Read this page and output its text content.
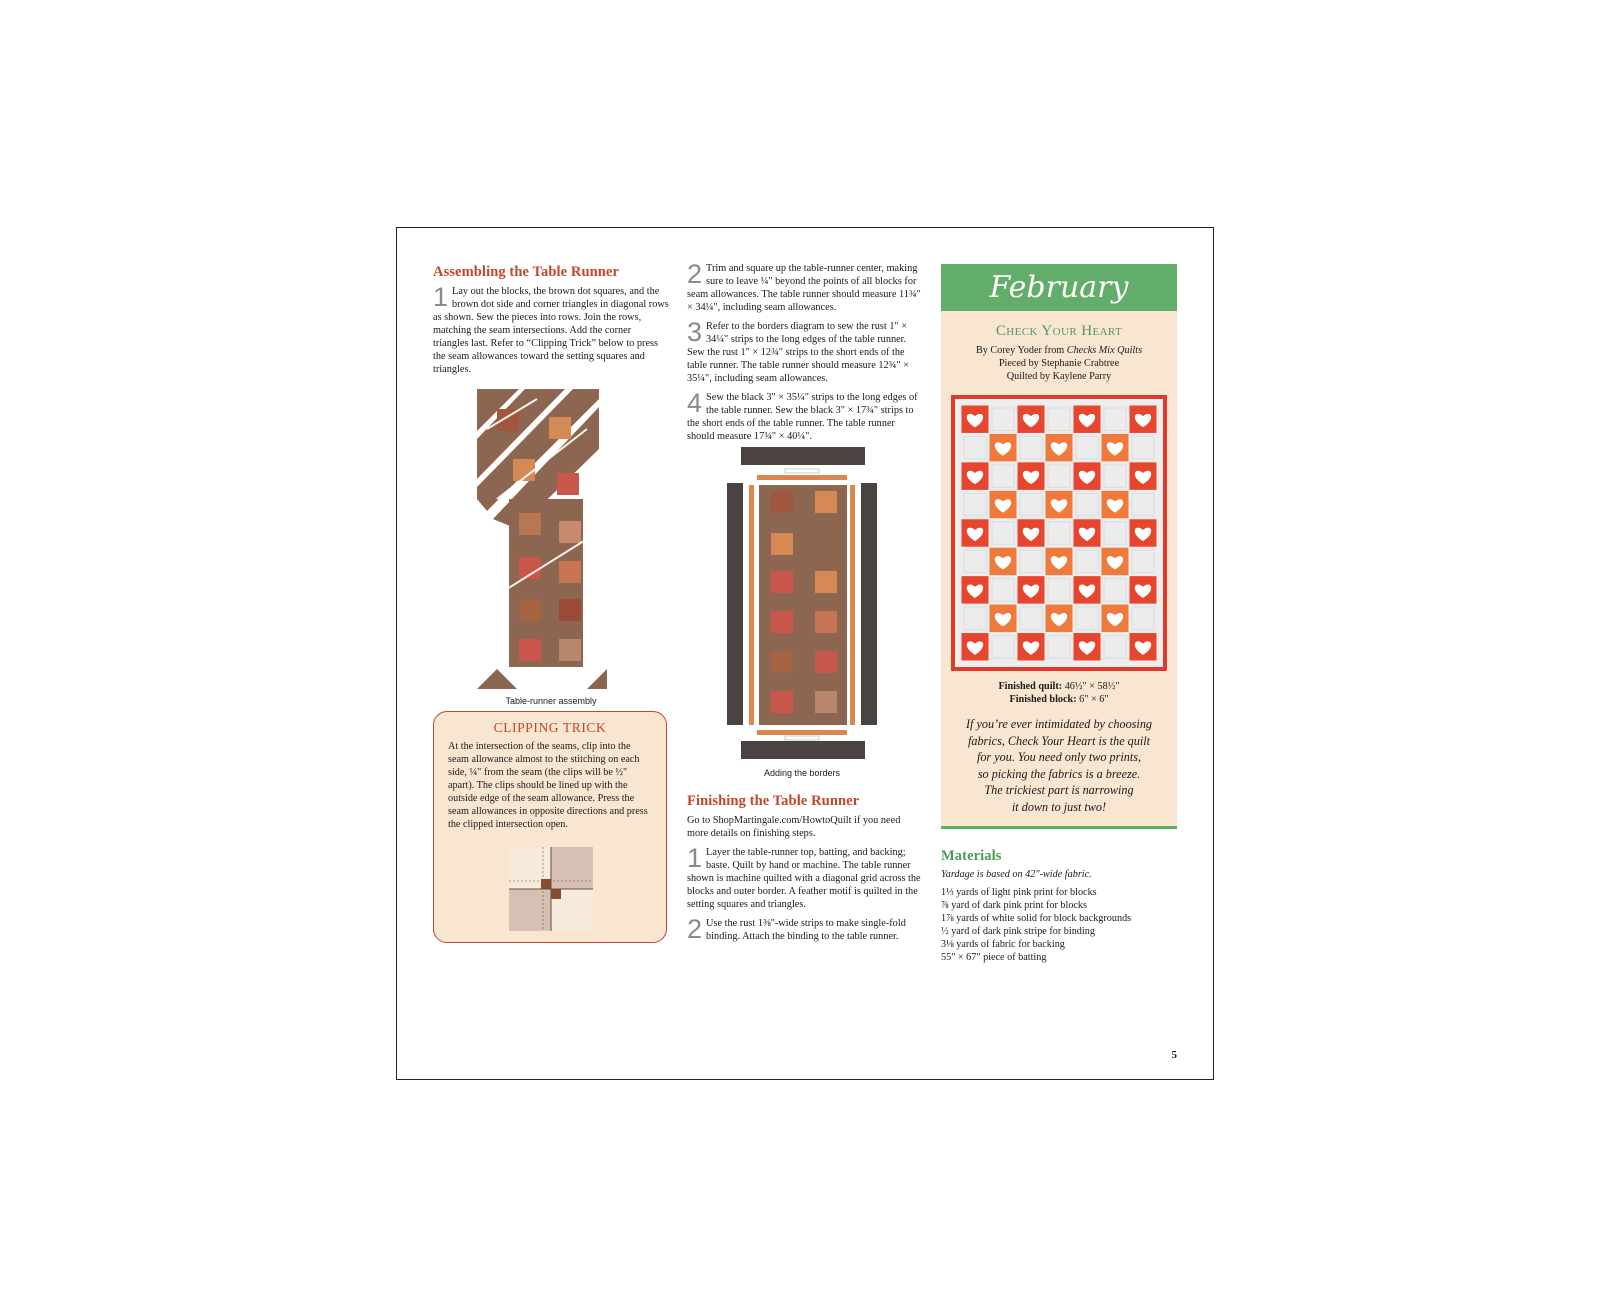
Assembling the Table Runner
1 Lay out the blocks, the brown dot squares, and the brown dot side and corner triangles in diagonal rows as shown. Sew the pieces into rows. Join the rows, matching the seam intersections. Add the corner triangles last. Refer to “Clipping Trick” below to press the seam allowances toward the setting squares and triangles.
Table-runner assembly
CLIPPING TRICK

At the intersection of the seams, clip into the seam allowance almost to the stitching on each side, ¼" from the seam (the clips will be ½" apart). The clips should be lined up with the outside edge of the seam allowance. Press the seam allowances in opposite directions and press the clipped intersection open.

2 Trim and square up the table-runner center, making sure to leave ¼" beyond the points of all blocks for seam allowances. The table runner should measure 11¾" × 34¼", including seam allowances.
3 Refer to the borders diagram to sew the rust 1" × 34¼" strips to the long edges of the table runner. Sew the rust 1" × 12¾" strips to the short ends of the table runner. The table runner should measure 12¾" × 35¼", including seam allowances.
4 Sew the black 3" × 35¼" strips to the long edges of the table runner. Sew the black 3" × 17¾" strips to the short ends of the table runner. The table runner should measure 17¾" × 40¼".
Adding the borders
Finishing the Table Runner
Go to ShopMartingale.com/HowtoQuilt if you need more details on finishing steps.
1 Layer the table-runner top, batting, and backing; baste. Quilt by hand or machine. The table runner shown is machine quilted with a diagonal grid across the blocks and outer border. A feather motif is quilted in the setting squares and triangles.
2 Use the rust 1⅜"-wide strips to make single-fold binding. Attach the binding to the table runner.
February
Check Your Heart
By Corey Yoder from Checks Mix Quilts
Pieced by Stephanie Crabtree
Quilted by Kaylene Parry
Finished quilt: 46½" × 58½"
Finished block: 6" × 6"
If you’re ever intimidated by choosing
fabrics, Check Your Heart is the quilt
for you. You need only two prints,
so picking the fabrics is a breeze.
The trickiest part is narrowing
it down to just two!
Materials

Yardage is based on 42"-wide fabric.

1⅓ yards of light pink print for blocks
⅞ yard of dark pink print for blocks
1⅞ yards of white solid for block backgrounds
½ yard of dark pink stripe for binding
3⅛ yards of fabric for backing
55" × 67" piece of batting
5
